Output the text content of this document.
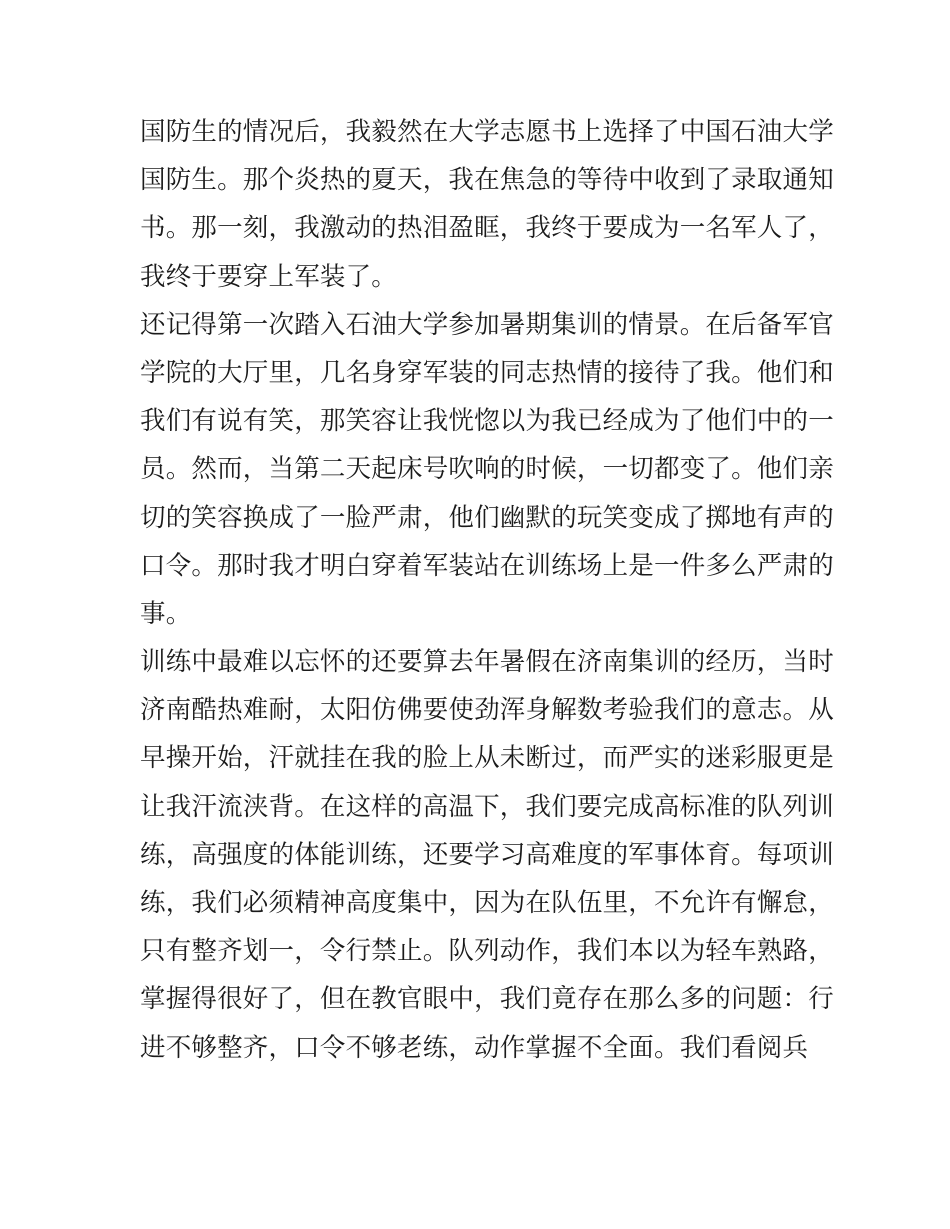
国防生的情况后，我毅然在大学志愿书上选择了中国石油大学
国防生。那个炎热的夏天，我在焦急的等待中收到了录取通知
书。那一刻，我激动的热泪盈眶，我终于要成为一名军人了，
我终于要穿上军装了。
还记得第一次踏入石油大学参加暑期集训的情景。在后备军官
学院的大厅里，几名身穿军装的同志热情的接待了我。他们和
我们有说有笑，那笑容让我恍惚以为我已经成为了他们中的一
员。然而，当第二天起床号吹响的时候，一切都变了。他们亲
切的笑容换成了一脸严肃，他们幽默的玩笑变成了掷地有声的
口令。那时我才明白穿着军装站在训练场上是一件多么严肃的
事。
训练中最难以忘怀的还要算去年暑假在济南集训的经历，当时
济南酷热难耐，太阳仿佛要使劲浑身解数考验我们的意志。从
早操开始，汗就挂在我的脸上从未断过，而严实的迷彩服更是
让我汗流浃背。在这样的高温下，我们要完成高标准的队列训
练，高强度的体能训练，还要学习高难度的军事体育。每项训
练，我们必须精神高度集中，因为在队伍里，不允许有懈怠，
只有整齐划一，令行禁止。队列动作，我们本以为轻车熟路，
掌握得很好了，但在教官眼中，我们竟存在那么多的问题：行
进不够整齐，口令不够老练，动作掌握不全面。我们看阅兵
